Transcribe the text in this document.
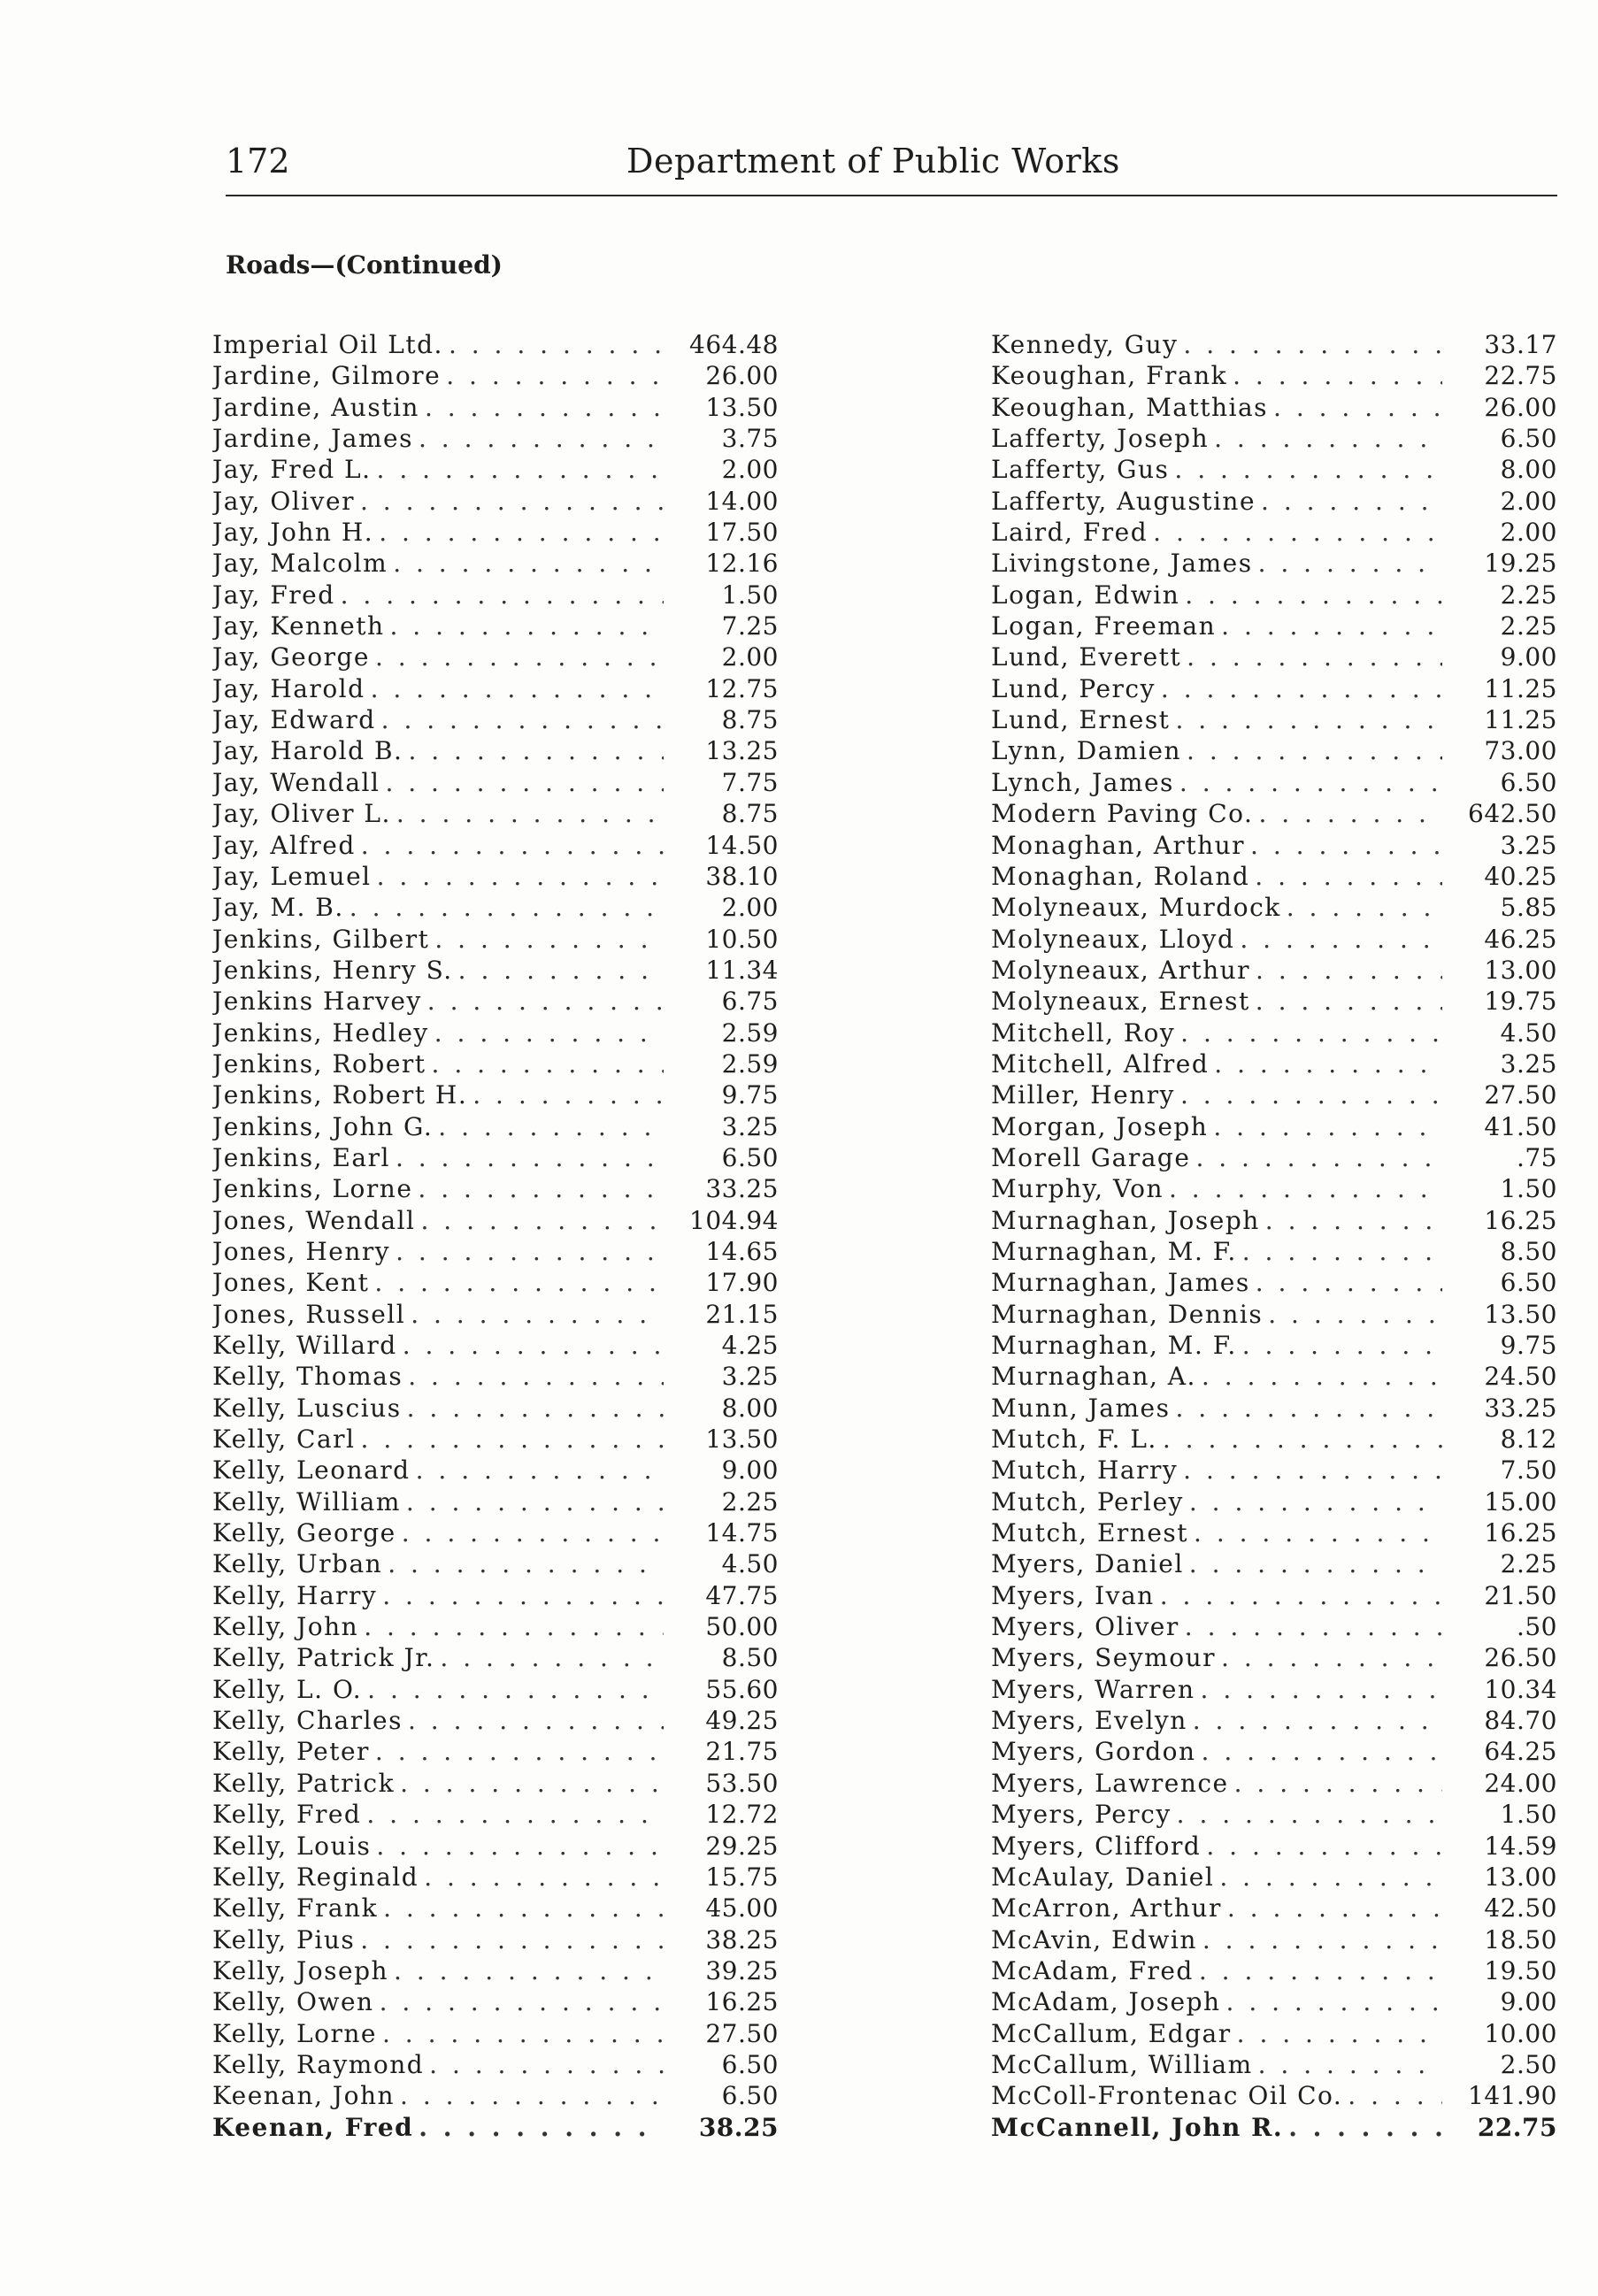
172	Department of Public Works
Roads—(Continued)
Imperial Oil Ltd. . . .	464.48
Jardine, Gilmore . . .	26.00
Jardine, Austin . . .	13.50
Jardine, James . . .	3.75
Jay, Fred L. . . .	2.00
Jay, Oliver . . .	14.00
Jay, John H. . . .	17.50
Jay, Malcolm . . .	12.16
Jay, Fred . . .	1.50
Jay, Kenneth . . .	7.25
Jay, George . . .	2.00
Jay, Harold . . .	12.75
Jay, Edward . . .	8.75
Jay, Harold B. . . .	13.25
Jay, Wendall . . .	7.75
Jay, Oliver L. . . .	8.75
Jay, Alfred . . .	14.50
Jay, Lemuel . . .	38.10
Jay, M. B. . . .	2.00
Jenkins, Gilbert . . .	10.50
Jenkins, Henry S. . . .	11.34
Jenkins Harvey . . .	6.75
Jenkins, Hedley . . .	2.59
Jenkins, Robert . . .	2.59
Jenkins, Robert H. . . .	9.75
Jenkins, John G. . . .	3.25
Jenkins, Earl . . .	6.50
Jenkins, Lorne . . .	33.25
Jones, Wendall . . .	104.94
Jones, Henry . . .	14.65
Jones, Kent . . .	17.90
Jones, Russell . . .	21.15
Kelly, Willard . . .	4.25
Kelly, Thomas . . .	3.25
Kelly, Luscius . . .	8.00
Kelly, Carl . . .	13.50
Kelly, Leonard . . .	9.00
Kelly, William . . .	2.25
Kelly, George . . .	14.75
Kelly, Urban . . .	4.50
Kelly, Harry . . .	47.75
Kelly, John . . .	50.00
Kelly, Patrick Jr. . . .	8.50
Kelly, L. O. . . .	55.60
Kelly, Charles . . .	49.25
Kelly, Peter . . .	21.75
Kelly, Patrick . . .	53.50
Kelly, Fred . . .	12.72
Kelly, Louis . . .	29.25
Kelly, Reginald . . .	15.75
Kelly, Frank . . .	45.00
Kelly, Pius . . .	38.25
Kelly, Joseph . . .	39.25
Kelly, Owen . . .	16.25
Kelly, Lorne . . .	27.50
Kelly, Raymond . . .	6.50
Keenan, John . . .	6.50
Keenan, Fred . . .	38.25
Kennedy, Guy . . .	33.17
Keoughan, Frank . . .	22.75
Keoughan, Matthias . . .	26.00
Lafferty, Joseph . . .	6.50
Lafferty, Gus . . .	8.00
Lafferty, Augustine . . .	2.00
Laird, Fred . . .	2.00
Livingstone, James . . .	19.25
Logan, Edwin . . .	2.25
Logan, Freeman . . .	2.25
Lund, Everett . . .	9.00
Lund, Percy . . .	11.25
Lund, Ernest . . .	11.25
Lynn, Damien . . .	73.00
Lynch, James . . .	6.50
Modern Paving Co. . . .	642.50
Monaghan, Arthur . . .	3.25
Monaghan, Roland . . .	40.25
Molyneaux, Murdock . . .	5.85
Molyneaux, Lloyd . . .	46.25
Molyneaux, Arthur . . .	13.00
Molyneaux, Ernest . . .	19.75
Mitchell, Roy . . .	4.50
Mitchell, Alfred . . .	3.25
Miller, Henry . . .	27.50
Morgan, Joseph . . .	41.50
Morell Garage . . .	.75
Murphy, Von . . .	1.50
Murnaghan, Joseph . . .	16.25
Murnaghan, M. F. . . .	8.50
Murnaghan, James . . .	6.50
Murnaghan, Dennis . . .	13.50
Murnaghan, M. F. . . .	9.75
Murnaghan, A. . . .	24.50
Munn, James . . .	33.25
Mutch, F. L. . . .	8.12
Mutch, Harry . . .	7.50
Mutch, Perley . . .	15.00
Mutch, Ernest . . .	16.25
Myers, Daniel . . .	2.25
Myers, Ivan . . .	21.50
Myers, Oliver . . .	.50
Myers, Seymour . . .	26.50
Myers, Warren . . .	10.34
Myers, Evelyn . . .	84.70
Myers, Gordon . . .	64.25
Myers, Lawrence . . .	24.00
Myers, Percy . . .	1.50
Myers, Clifford . . .	14.59
McAulay, Daniel . . .	13.00
McArron, Arthur . . .	42.50
McAvin, Edwin . . .	18.50
McAdam, Fred . . .	19.50
McAdam, Joseph . . .	9.00
McCallum, Edgar . . .	10.00
McCallum, William . . .	2.50
McColl-Frontenac Oil Co. . . .	141.90
McCannell, John R. . . .	22.75
